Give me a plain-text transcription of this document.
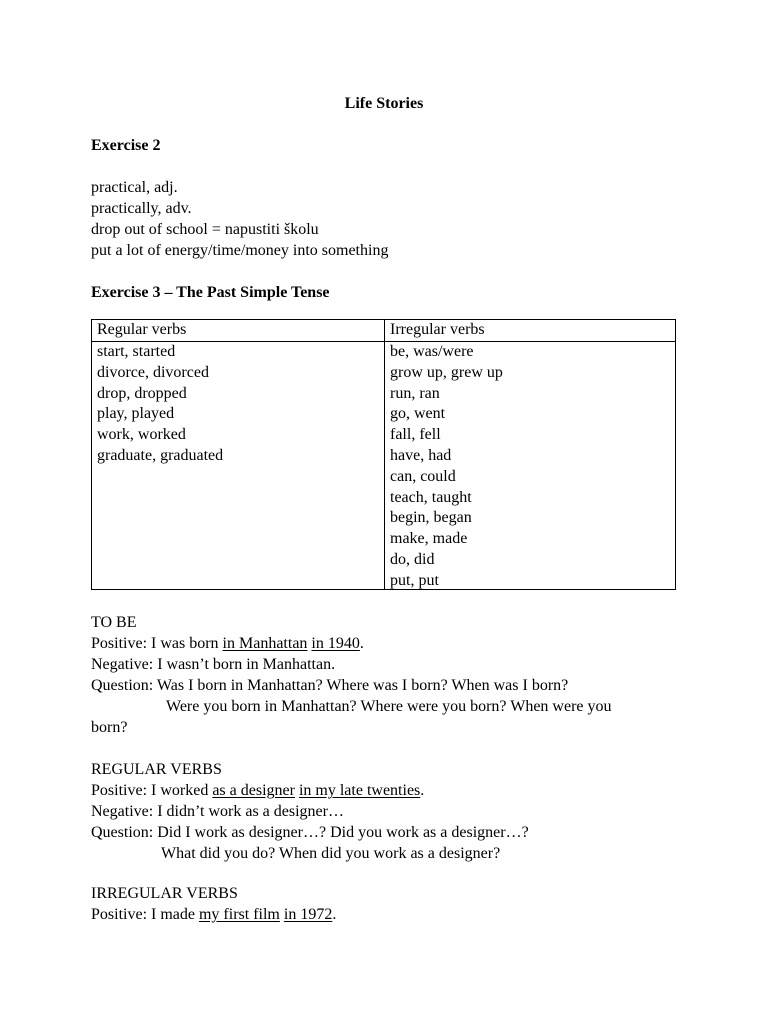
Life Stories
Exercise 2
practical, adj.
practically, adv.
drop out of school = napustiti školu
put a lot of energy/time/money into something
Exercise 3 – The Past Simple Tense
Regular verbs	Irregular verbs
start, started
divorce, divorced
drop, dropped
play, played
work, worked
graduate, graduated
be, was/were
grow up, grew up
run, ran
go, went
fall, fell
have, had
can, could
teach, taught
begin, began
make, made
do, did
put, put
TO BE
Positive: I was born in Manhattan in 1940.
Negative: I wasn’t born in Manhattan.
Question: Was I born in Manhattan? Where was I born? When was I born?
Were you born in Manhattan? Where were you born? When were you
born?
REGULAR VERBS
Positive: I worked as a designer in my late twenties.
Negative: I didn’t work as a designer…
Question: Did I work as designer…? Did you work as a designer…?
What did you do? When did you work as a designer?
IRREGULAR VERBS
Positive: I made my first film in 1972.
